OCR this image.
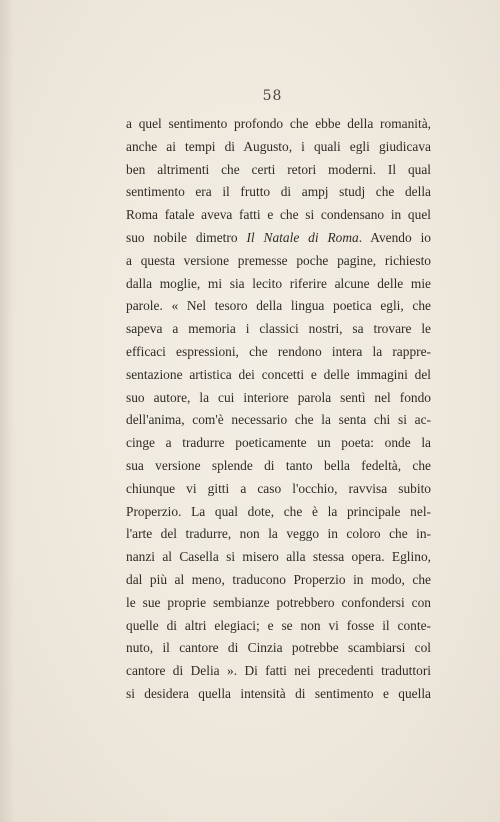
58
a quel sentimento profondo che ebbe della romanità,
anche ai tempi di Augusto, i quali egli giudicava
ben altrimenti che certi retori moderni. Il qual
sentimento era il frutto di ampj studj che della
Roma fatale aveva fatti e che si condensano in quel
suo nobile dimetro Il Natale di Roma. Avendo io
a questa versione premesse poche pagine, richiesto
dalla moglie, mi sia lecito riferire alcune delle mie
parole. « Nel tesoro della lingua poetica egli, che
sapeva a memoria i classici nostri, sa trovare le
efficaci espressioni, che rendono intera la rappre-
sentazione artistica dei concetti e delle immagini del
suo autore, la cui interiore parola sentì nel fondo
dell'anima, com'è necessario che la senta chi si ac-
cinge a tradurre poeticamente un poeta: onde la
sua versione splende di tanto bella fedeltà, che
chiunque vi gitti a caso l'occhio, ravvisa subito
Properzio. La qual dote, che è la principale nel-
l'arte del tradurre, non la veggo in coloro che in-
nanzi al Casella si misero alla stessa opera. Eglino,
dal più al meno, traducono Properzio in modo, che
le sue proprie sembianze potrebbero confondersi con
quelle di altri elegiaci; e se non vi fosse il conte-
nuto, il cantore di Cinzia potrebbe scambiarsi col
cantore di Delia ». Di fatti nei precedenti traduttori
si desidera quella intensità di sentimento e quella
